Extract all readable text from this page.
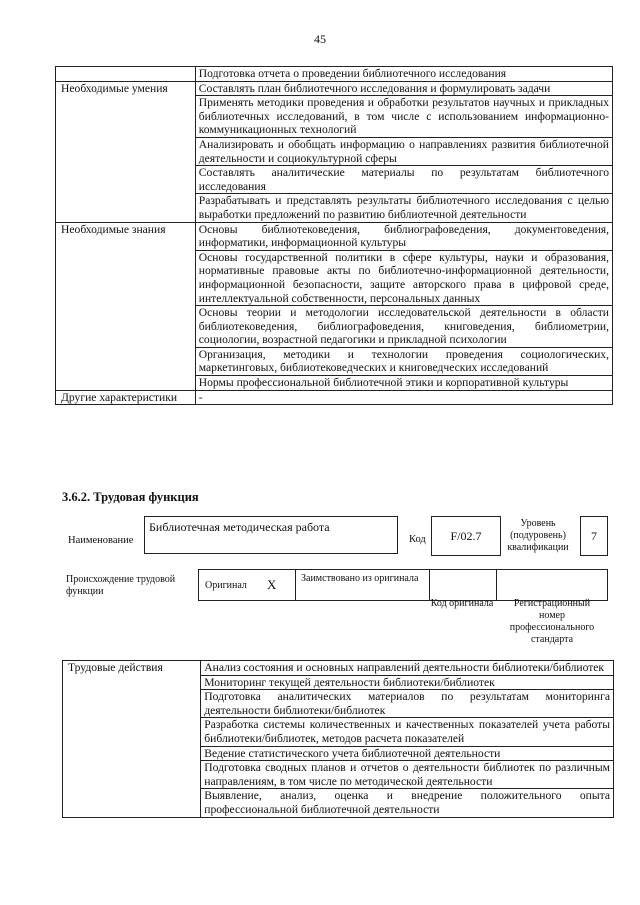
45
	Подготовка отчета о проведении библиотечного исследования
Необходимые умения	Составлять план библиотечного исследования и формулировать задачи
	Применять методики проведения и обработки результатов научных и прикладных библиотечных исследований, в том числе с использованием информационно-коммуникационных технологий
	Анализировать и обобщать информацию о направлениях развития библиотечной деятельности и социокультурной сферы
	Составлять аналитические материалы по результатам библиотечного исследования
	Разрабатывать и представлять результаты библиотечного исследования с целью выработки предложений по развитию библиотечной деятельности
Необходимые знания	Основы библиотековедения, библиографоведения, документоведения, информатики, информационной культуры
	Основы государственной политики в сфере культуры, науки и образования, нормативные правовые акты по библиотечно-информационной деятельности, информационной безопасности, защите авторского права в цифровой среде, интеллектуальной собственности, персональных данных
	Основы теории и методологии исследовательской деятельности в области библиотековедения, библиографоведения, книговедения, библиометрии, социологии, возрастной педагогики и прикладной психологии
	Организация, методики и технологии проведения социологических, маркетинговых, библиотековедческих и книговедческих исследований
	Нормы профессиональной библиотечной этики и корпоративной культуры
Другие характеристики	-
3.6.2. Трудовая функция
Наименование
Библиотечная методическая работа
Код F/02.7
Уровень (подуровень) квалификации
7
Происхождение трудовой функции
Оригинал X Заимствовано из оригинала
Код оригинала	Регистрационный номер профессионального стандарта
Трудовые действия	Анализ состояния и основных направлений деятельности библиотеки/библиотек
Мониторинг текущей деятельности библиотеки/библиотек
Подготовка аналитических материалов по результатам мониторинга деятельности библиотеки/библиотек
Разработка системы количественных и качественных показателей учета работы библиотеки/библиотек, методов расчета показателей
Ведение статистического учета библиотечной деятельности
Подготовка сводных планов и отчетов о деятельности библиотек по различным направлениям, в том числе по методической деятельности
Выявление, анализ, оценка и внедрение положительного опыта профессиональной библиотечной деятельности
